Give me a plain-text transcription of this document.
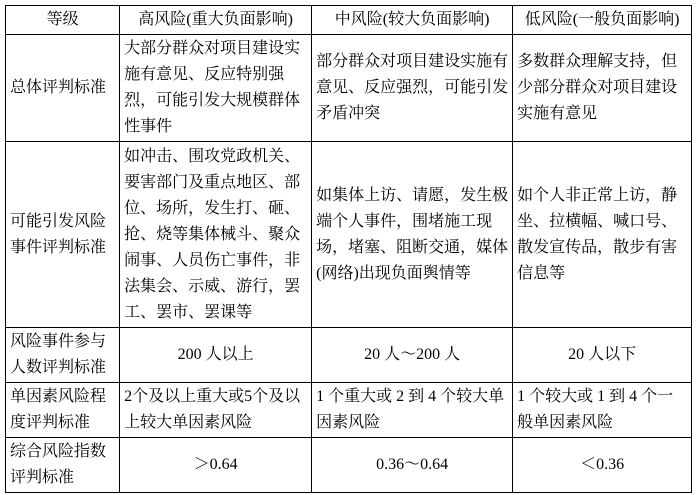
等级	高风险(重大负面影响)	中风险(较大负面影响)	低风险(一般负面影响)
总体评判标准	大部分群众对项目建设实施有意见、反应特别强烈，可能引发大规模群体性事件	部分群众对项目建设实施有意见、反应强烈，可能引发矛盾冲突	多数群众理解支持，但少部分群众对项目建设实施有意见
可能引发风险事件评判标准	如冲击、围攻党政机关、要害部门及重点地区、部位、场所，发生打、砸、抢、烧等集体械斗、聚众闹事、人员伤亡事件，非法集会、示威、游行，罢工、罢市、罢课等	如集体上访、请愿，发生极端个人事件，围堵施工现场，堵塞、阻断交通，媒体(网络)出现负面舆情等	如个人非正常上访，静坐、拉横幅、喊口号、散发宣传品，散步有害信息等
风险事件参与人数评判标准	200 人以上	20 人～200 人	20 人以下
单因素风险程度评判标准	2个及以上重大或5个及以上较大单因素风险	1 个重大或 2 到 4 个较大单因素风险	1 个较大或 1 到 4 个一般单因素风险
综合风险指数评判标准	＞0.64	0.36～0.64	＜0.36
